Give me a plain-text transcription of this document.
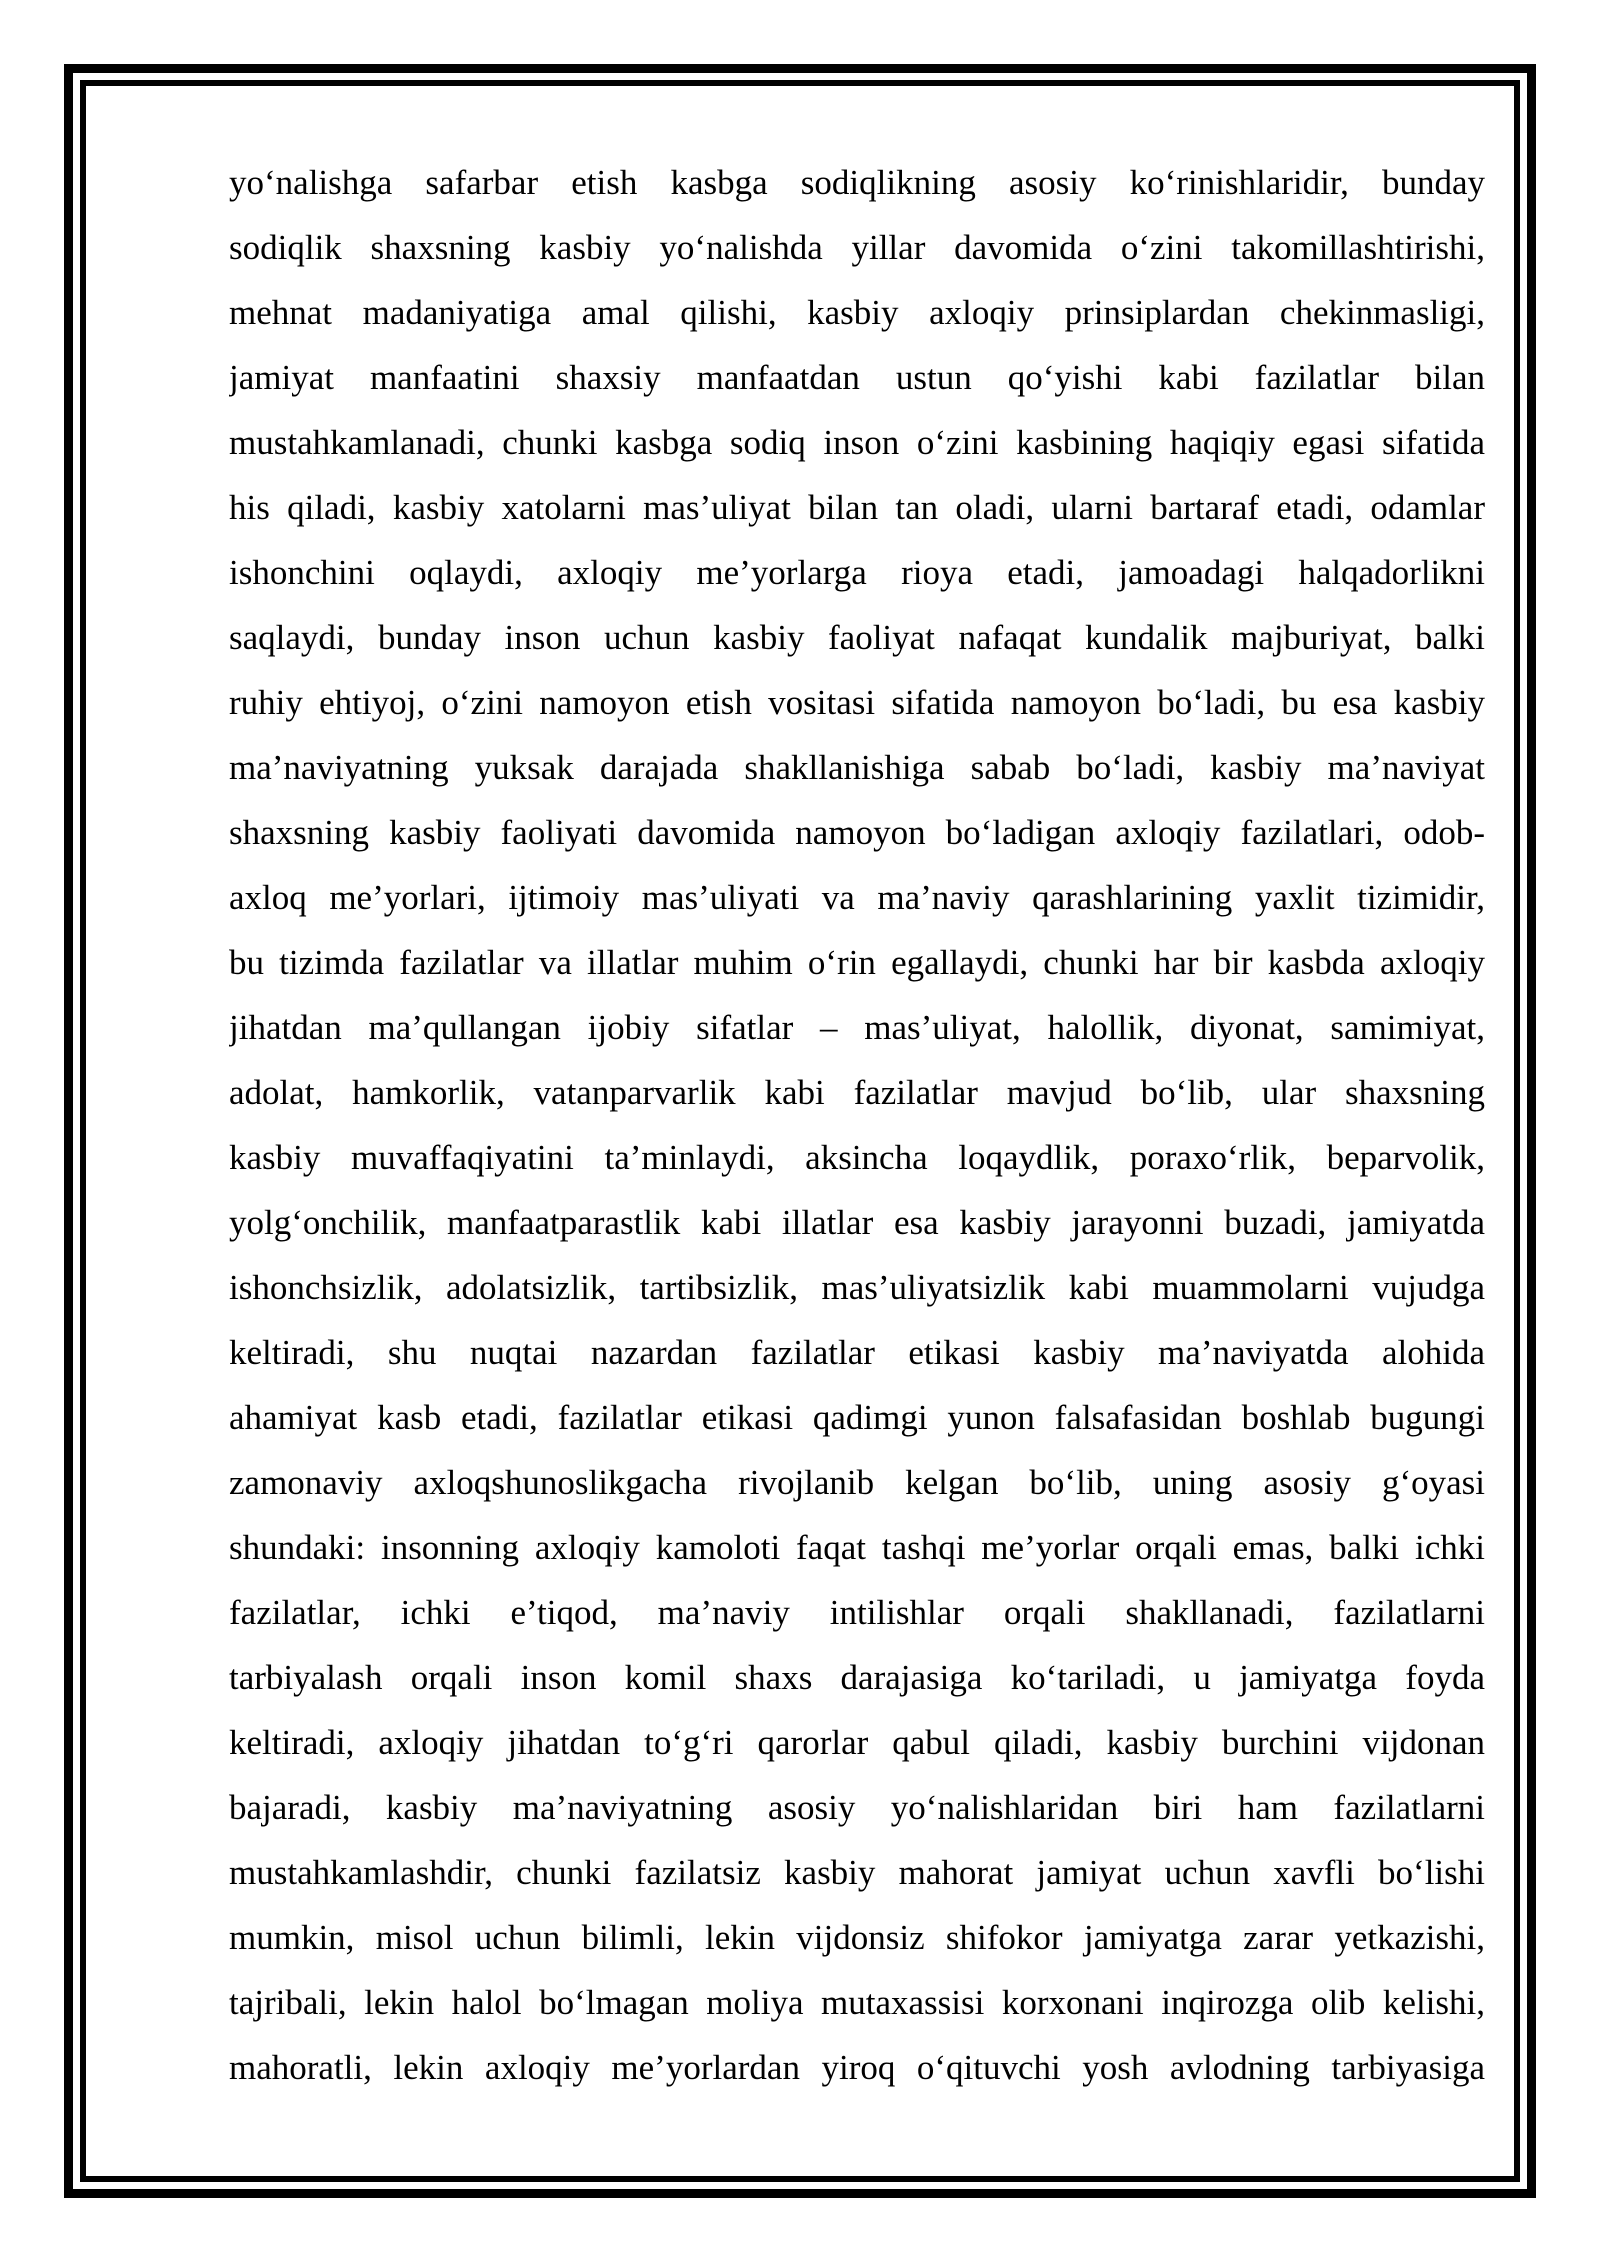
yo‘nalishga safarbar etish kasbga sodiqlikning asosiy ko‘rinishlaridir, bunday
sodiqlik shaxsning kasbiy yo‘nalishda yillar davomida o‘zini takomillashtirishi,
mehnat madaniyatiga amal qilishi, kasbiy axloqiy prinsiplardan chekinmasligi,
jamiyat manfaatini shaxsiy manfaatdan ustun qo‘yishi kabi fazilatlar bilan
mustahkamlanadi, chunki kasbga sodiq inson o‘zini kasbining haqiqiy egasi sifatida
his qiladi, kasbiy xatolarni mas’uliyat bilan tan oladi, ularni bartaraf etadi, odamlar
ishonchini oqlaydi, axloqiy me’yorlarga rioya etadi, jamoadagi halqadorlikni
saqlaydi, bunday inson uchun kasbiy faoliyat nafaqat kundalik majburiyat, balki
ruhiy ehtiyoj, o‘zini namoyon etish vositasi sifatida namoyon bo‘ladi, bu esa kasbiy
ma’naviyatning yuksak darajada shakllanishiga sabab bo‘ladi, kasbiy ma’naviyat
shaxsning kasbiy faoliyati davomida namoyon bo‘ladigan axloqiy fazilatlari, odob-
axloq me’yorlari, ijtimoiy mas’uliyati va ma’naviy qarashlarining yaxlit tizimidir,
bu tizimda fazilatlar va illatlar muhim o‘rin egallaydi, chunki har bir kasbda axloqiy
jihatdan ma’qullangan ijobiy sifatlar – mas’uliyat, halollik, diyonat, samimiyat,
adolat, hamkorlik, vatanparvarlik kabi fazilatlar mavjud bo‘lib, ular shaxsning
kasbiy muvaffaqiyatini ta’minlaydi, aksincha loqaydlik, poraxo‘rlik, beparvolik,
yolg‘onchilik, manfaatparastlik kabi illatlar esa kasbiy jarayonni buzadi, jamiyatda
ishonchsizlik, adolatsizlik, tartibsizlik, mas’uliyatsizlik kabi muammolarni vujudga
keltiradi, shu nuqtai nazardan fazilatlar etikasi kasbiy ma’naviyatda alohida
ahamiyat kasb etadi, fazilatlar etikasi qadimgi yunon falsafasidan boshlab bugungi
zamonaviy axloqshunoslikgacha rivojlanib kelgan bo‘lib, uning asosiy g‘oyasi
shundaki: insonning axloqiy kamoloti faqat tashqi me’yorlar orqali emas, balki ichki
fazilatlar, ichki e’tiqod, ma’naviy intilishlar orqali shakllanadi, fazilatlarni
tarbiyalash orqali inson komil shaxs darajasiga ko‘tariladi, u jamiyatga foyda
keltiradi, axloqiy jihatdan to‘g‘ri qarorlar qabul qiladi, kasbiy burchini vijdonan
bajaradi, kasbiy ma’naviyatning asosiy yo‘nalishlaridan biri ham fazilatlarni
mustahkamlashdir, chunki fazilatsiz kasbiy mahorat jamiyat uchun xavfli bo‘lishi
mumkin, misol uchun bilimli, lekin vijdonsiz shifokor jamiyatga zarar yetkazishi,
tajribali, lekin halol bo‘lmagan moliya mutaxassisi korxonani inqirozga olib kelishi,
mahoratli, lekin axloqiy me’yorlardan yiroq o‘qituvchi yosh avlodning tarbiyasiga
